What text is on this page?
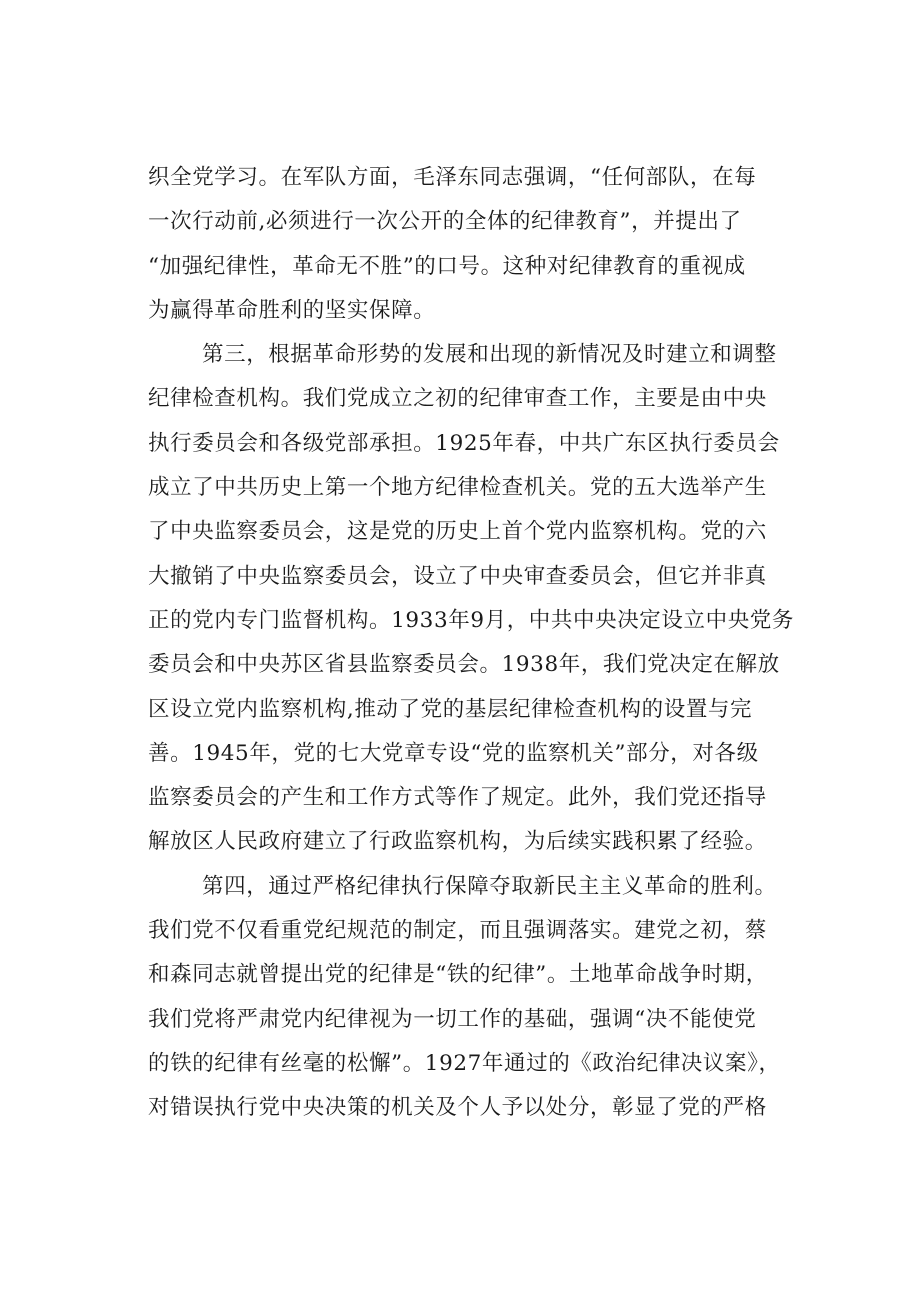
织全党学习。在军队方面，毛泽东同志强调，“任何部队，在每
一次行动前,必须进行一次公开的全体的纪律教育”，并提出了
“加强纪律性，革命无不胜”的口号。这种对纪律教育的重视成
为赢得革命胜利的坚实保障。
第三，根据革命形势的发展和出现的新情况及时建立和调整
纪律检查机构。我们党成立之初的纪律审查工作，主要是由中央
执行委员会和各级党部承担。1925年春，中共广东区执行委员会
成立了中共历史上第一个地方纪律检查机关。党的五大选举产生
了中央监察委员会，这是党的历史上首个党内监察机构。党的六
大撤销了中央监察委员会，设立了中央审查委员会，但它并非真
正的党内专门监督机构。1933年9月，中共中央决定设立中央党务
委员会和中央苏区省县监察委员会。1938年，我们党决定在解放
区设立党内监察机构,推动了党的基层纪律检查机构的设置与完
善。1945年，党的七大党章专设“党的监察机关”部分，对各级
监察委员会的产生和工作方式等作了规定。此外，我们党还指导
解放区人民政府建立了行政监察机构，为后续实践积累了经验。
第四，通过严格纪律执行保障夺取新民主主义革命的胜利。
我们党不仅看重党纪规范的制定，而且强调落实。建党之初，蔡
和森同志就曾提出党的纪律是“铁的纪律”。土地革命战争时期，
我们党将严肃党内纪律视为一切工作的基础，强调“决不能使党
的铁的纪律有丝毫的松懈”。1927年通过的《政治纪律决议案》，
对错误执行党中央决策的机关及个人予以处分，彰显了党的严格
